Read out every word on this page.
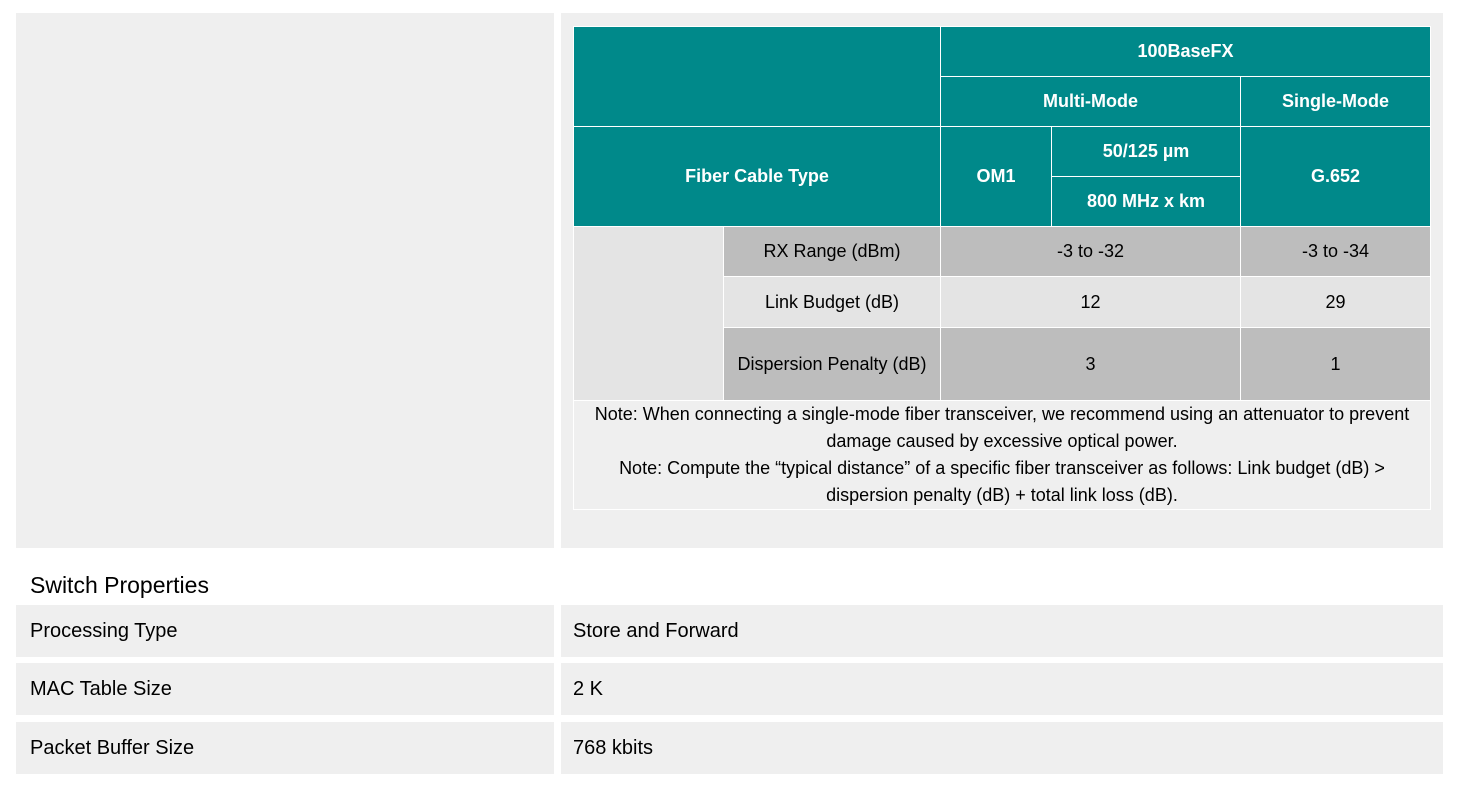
		100BaseFX		
		Multi-Mode		Single-Mode
Fiber Cable Type		OM1	50/125 µm	G.652
			800 MHz x km	
	RX Range (dBm)	-3 to -32		-3 to -34
	Link Budget (dB)	12		29
	Dispersion Penalty (dB)	3		1

Note: When connecting a single-mode fiber transceiver, we recommend using an attenuator to prevent damage caused by excessive optical power.
Note: Compute the “typical distance” of a specific fiber transceiver as follows: Link budget (dB) > dispersion penalty (dB) + total link loss (dB).				
Switch Properties
Processing Type	Store and Forward
MAC Table Size	2 K
Packet Buffer Size	768 kbits
